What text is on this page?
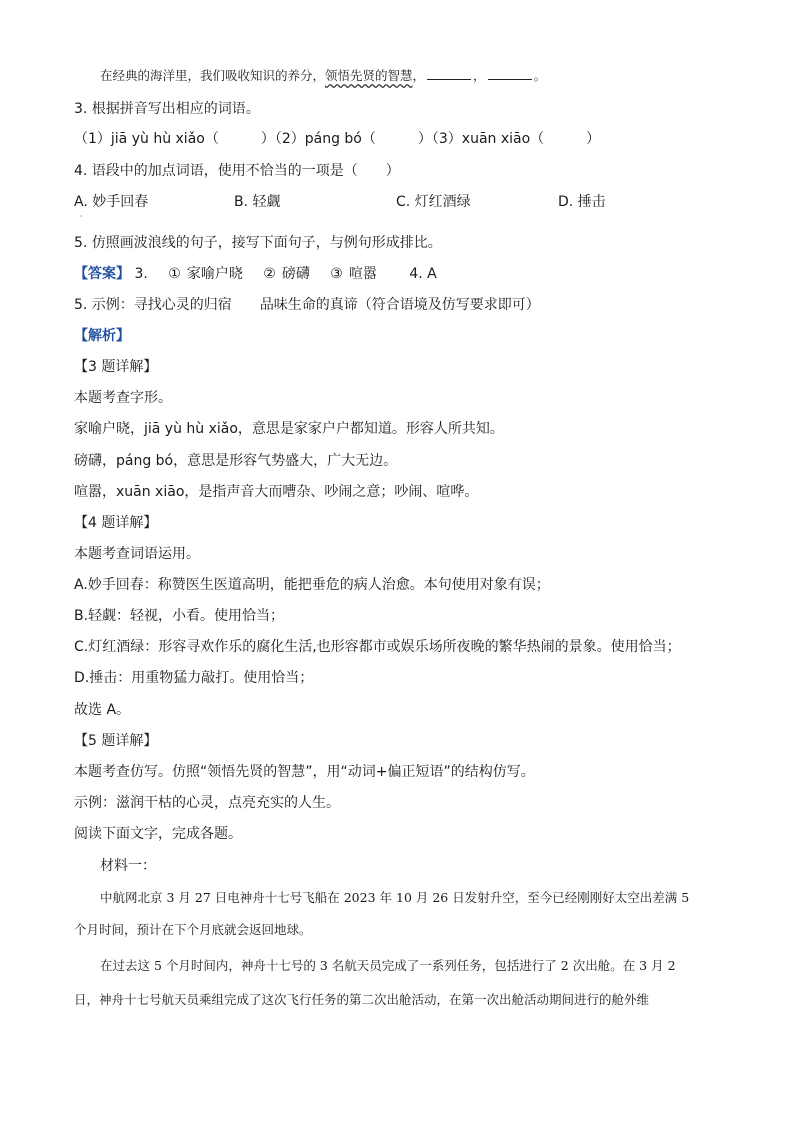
在经典的海洋里，我们吸收知识的养分，领悟先贤的智慧，	，	。
3. 根据拼音写出相应的词语。
（1）jiā yù hù xiǎo（　　　）（2）páng bó（　　　）（3）xuān xiāo（　　　）
4. 语段中的加点词语，使用不恰当的一项是（　　）
A. 妙手回春	B. 轻觑	C. 灯红酒绿	D. 捶击
·
5. 仿照画波浪线的句子，接写下面句子，与例句形成排比。
【答案】 3. ① 家喻户晓 ② 磅礴 ③ 喧嚣 4. A
5. 示例：寻找心灵的归宿 品味生命的真谛（符合语境及仿写要求即可）
【解析】
【3 题详解】
本题考查字形。
家喻户晓，jiā yù hù xiǎo，意思是家家户户都知道。形容人所共知。
磅礴，páng bó，意思是形容气势盛大，广大无边。
喧嚣，xuān xiāo，是指声音大而嘈杂、吵闹之意；吵闹、喧哗。
【4 题详解】
本题考查词语运用。
A.妙手回春：称赞医生医道高明，能把垂危的病人治愈。本句使用对象有误；
B.轻觑：轻视，小看。使用恰当；
C.灯红酒绿：形容寻欢作乐的腐化生活,也形容都市或娱乐场所夜晚的繁华热闹的景象。使用恰当；
D.捶击：用重物猛力敲打。使用恰当；
故选 A。
【5 题详解】
本题考查仿写。仿照“领悟先贤的智慧”，用“动词+偏正短语”的结构仿写。
示例：滋润干枯的心灵，点亮充实的人生。
阅读下面文字，完成各题。
材料一：
中航网北京 3 月 27 日电神舟十七号飞船在 2023 年 10 月 26 日发射升空，至今已经刚刚好太空出差满 5
个月时间，预计在下个月底就会返回地球。
在过去这 5 个月时间内，神舟十七号的 3 名航天员完成了一系列任务，包括进行了 2 次出舱。在 3 月 2
日，神舟十七号航天员乘组完成了这次飞行任务的第二次出舱活动，在第一次出舱活动期间进行的舱外维
